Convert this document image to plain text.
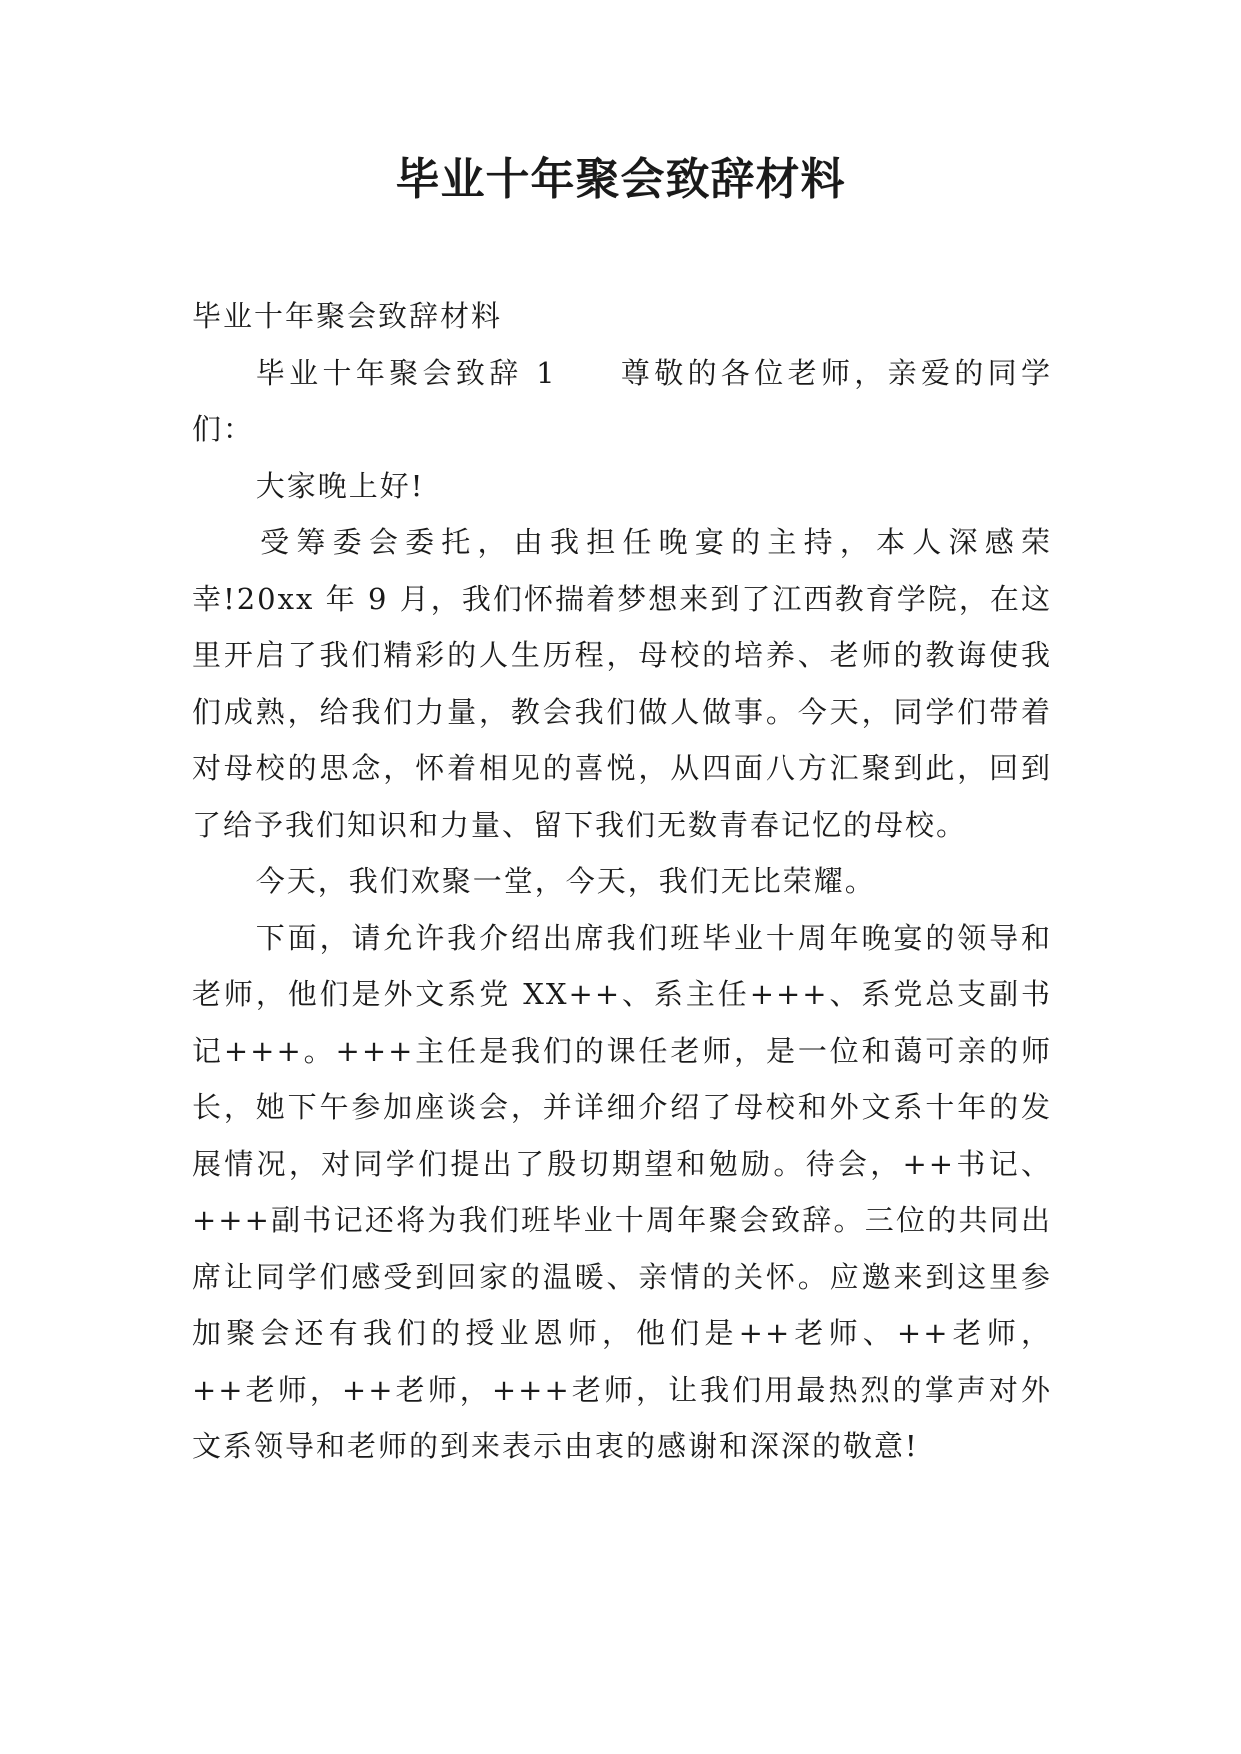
毕业十年聚会致辞材料

毕业十年聚会致辞材料

毕业十年聚会致辞 1 尊敬的各位老师，亲爱的同学们：

大家晚上好!

受筹委会委托，由我担任晚宴的主持，本人深感荣幸!20xx 年 9 月，我们怀揣着梦想来到了江西教育学院，在这里开启了我们精彩的人生历程，母校的培养、老师的教诲使我们成熟，给我们力量，教会我们做人做事。今天，同学们带着对母校的思念，怀着相见的喜悦，从四面八方汇聚到此，回到了给予我们知识和力量、留下我们无数青春记忆的母校。

今天，我们欢聚一堂，今天，我们无比荣耀。

下面，请允许我介绍出席我们班毕业十周年晚宴的领导和老师，他们是外文系党 XX++、系主任+++、系党总支副书记+++。+++主任是我们的课任老师，是一位和蔼可亲的师长，她下午参加座谈会，并详细介绍了母校和外文系十年的发展情况，对同学们提出了殷切期望和勉励。待会，++书记、+++副书记还将为我们班毕业十周年聚会致辞。三位的共同出席让同学们感受到回家的温暖、亲情的关怀。应邀来到这里参加聚会还有我们的授业恩师，他们是++老师、++老师，++老师，++老师，+++老师，让我们用最热烈的掌声对外文系领导和老师的到来表示由衷的感谢和深深的敬意!
